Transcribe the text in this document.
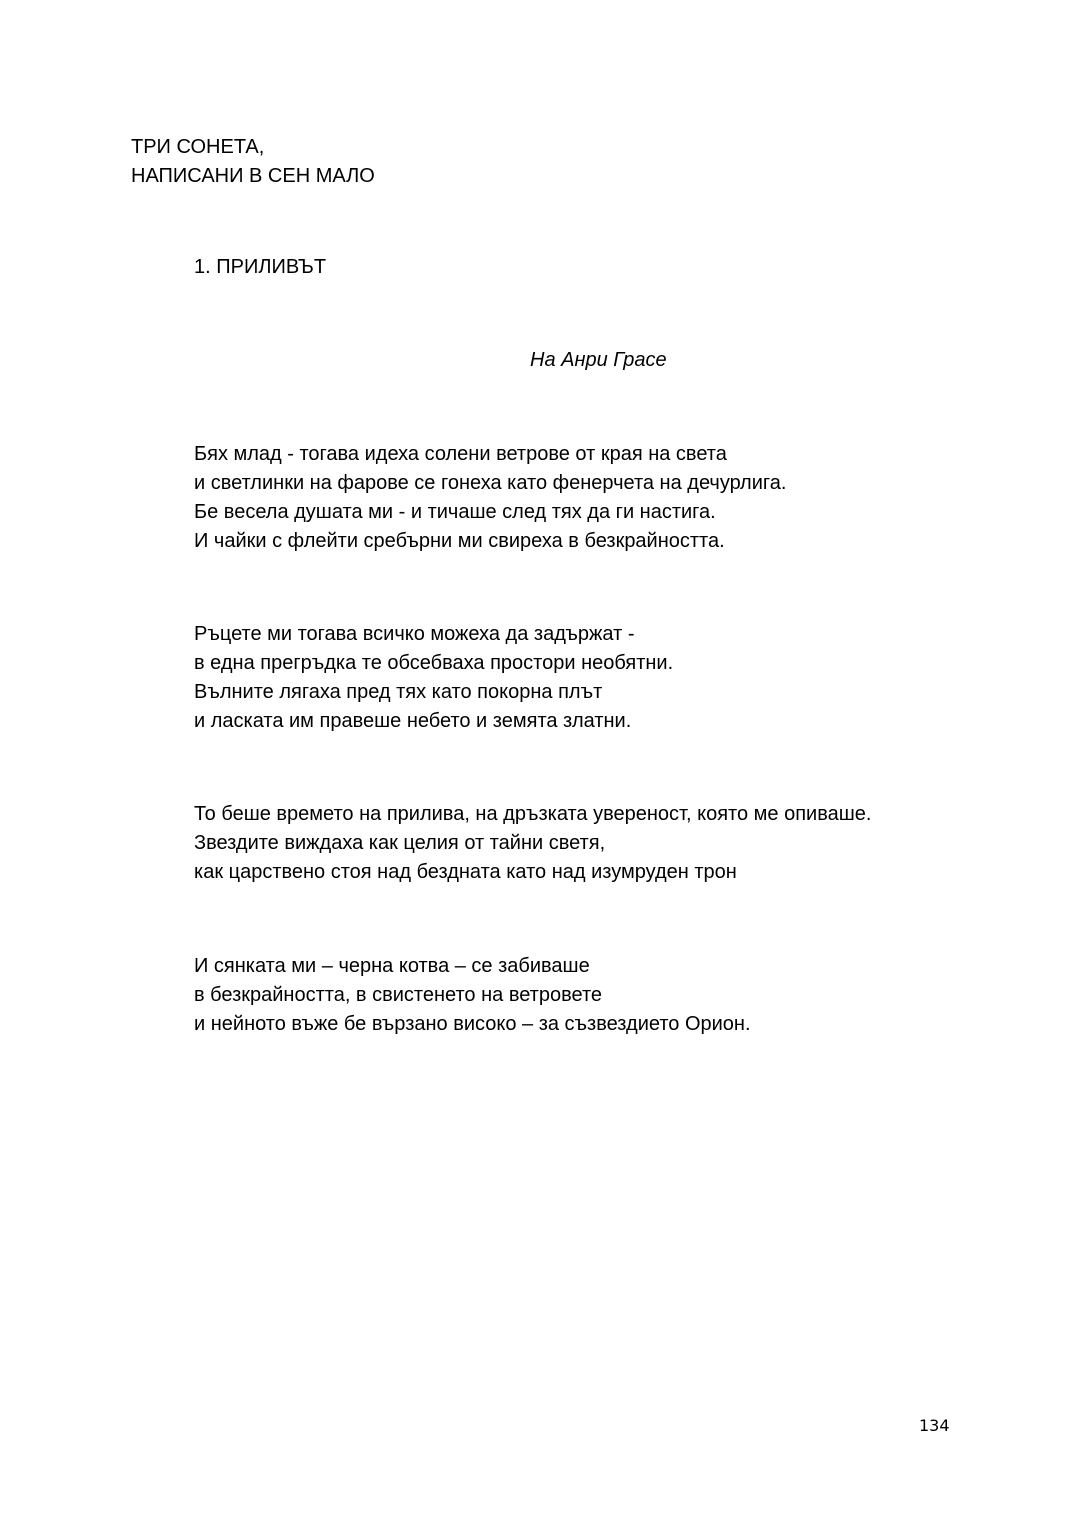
ТРИ СОНЕТА,
НАПИСАНИ В СЕН МАЛО
1. ПРИЛИВЪТ
На Анри Грасе
Бях млад - тогава идеха солени ветрове от края на света
и светлинки на фарове се гонеха като фенерчета на дечурлига.
Бе весела душата ми - и тичаше след тях да ги настига.
И чайки с флейти сребърни ми свиреха в безкрайността.
Ръцете ми тогава всичко можеха да задържат -
в една прегръдка те обсебваха простори необятни.
Вълните лягаха пред тях като покорна плът
и ласката им правеше небето и земята златни.
То беше времето на прилива, на дръзката увереност, която ме опиваше.
Звездите виждаха как целия от тайни светя,
как царствено стоя над бездната като над изумруден трон
И сянката ми – черна котва – се забиваше
в безкрайността, в свистенето на ветровете
и нейното въже бе вързано високо – за съзвездието Орион.
134
